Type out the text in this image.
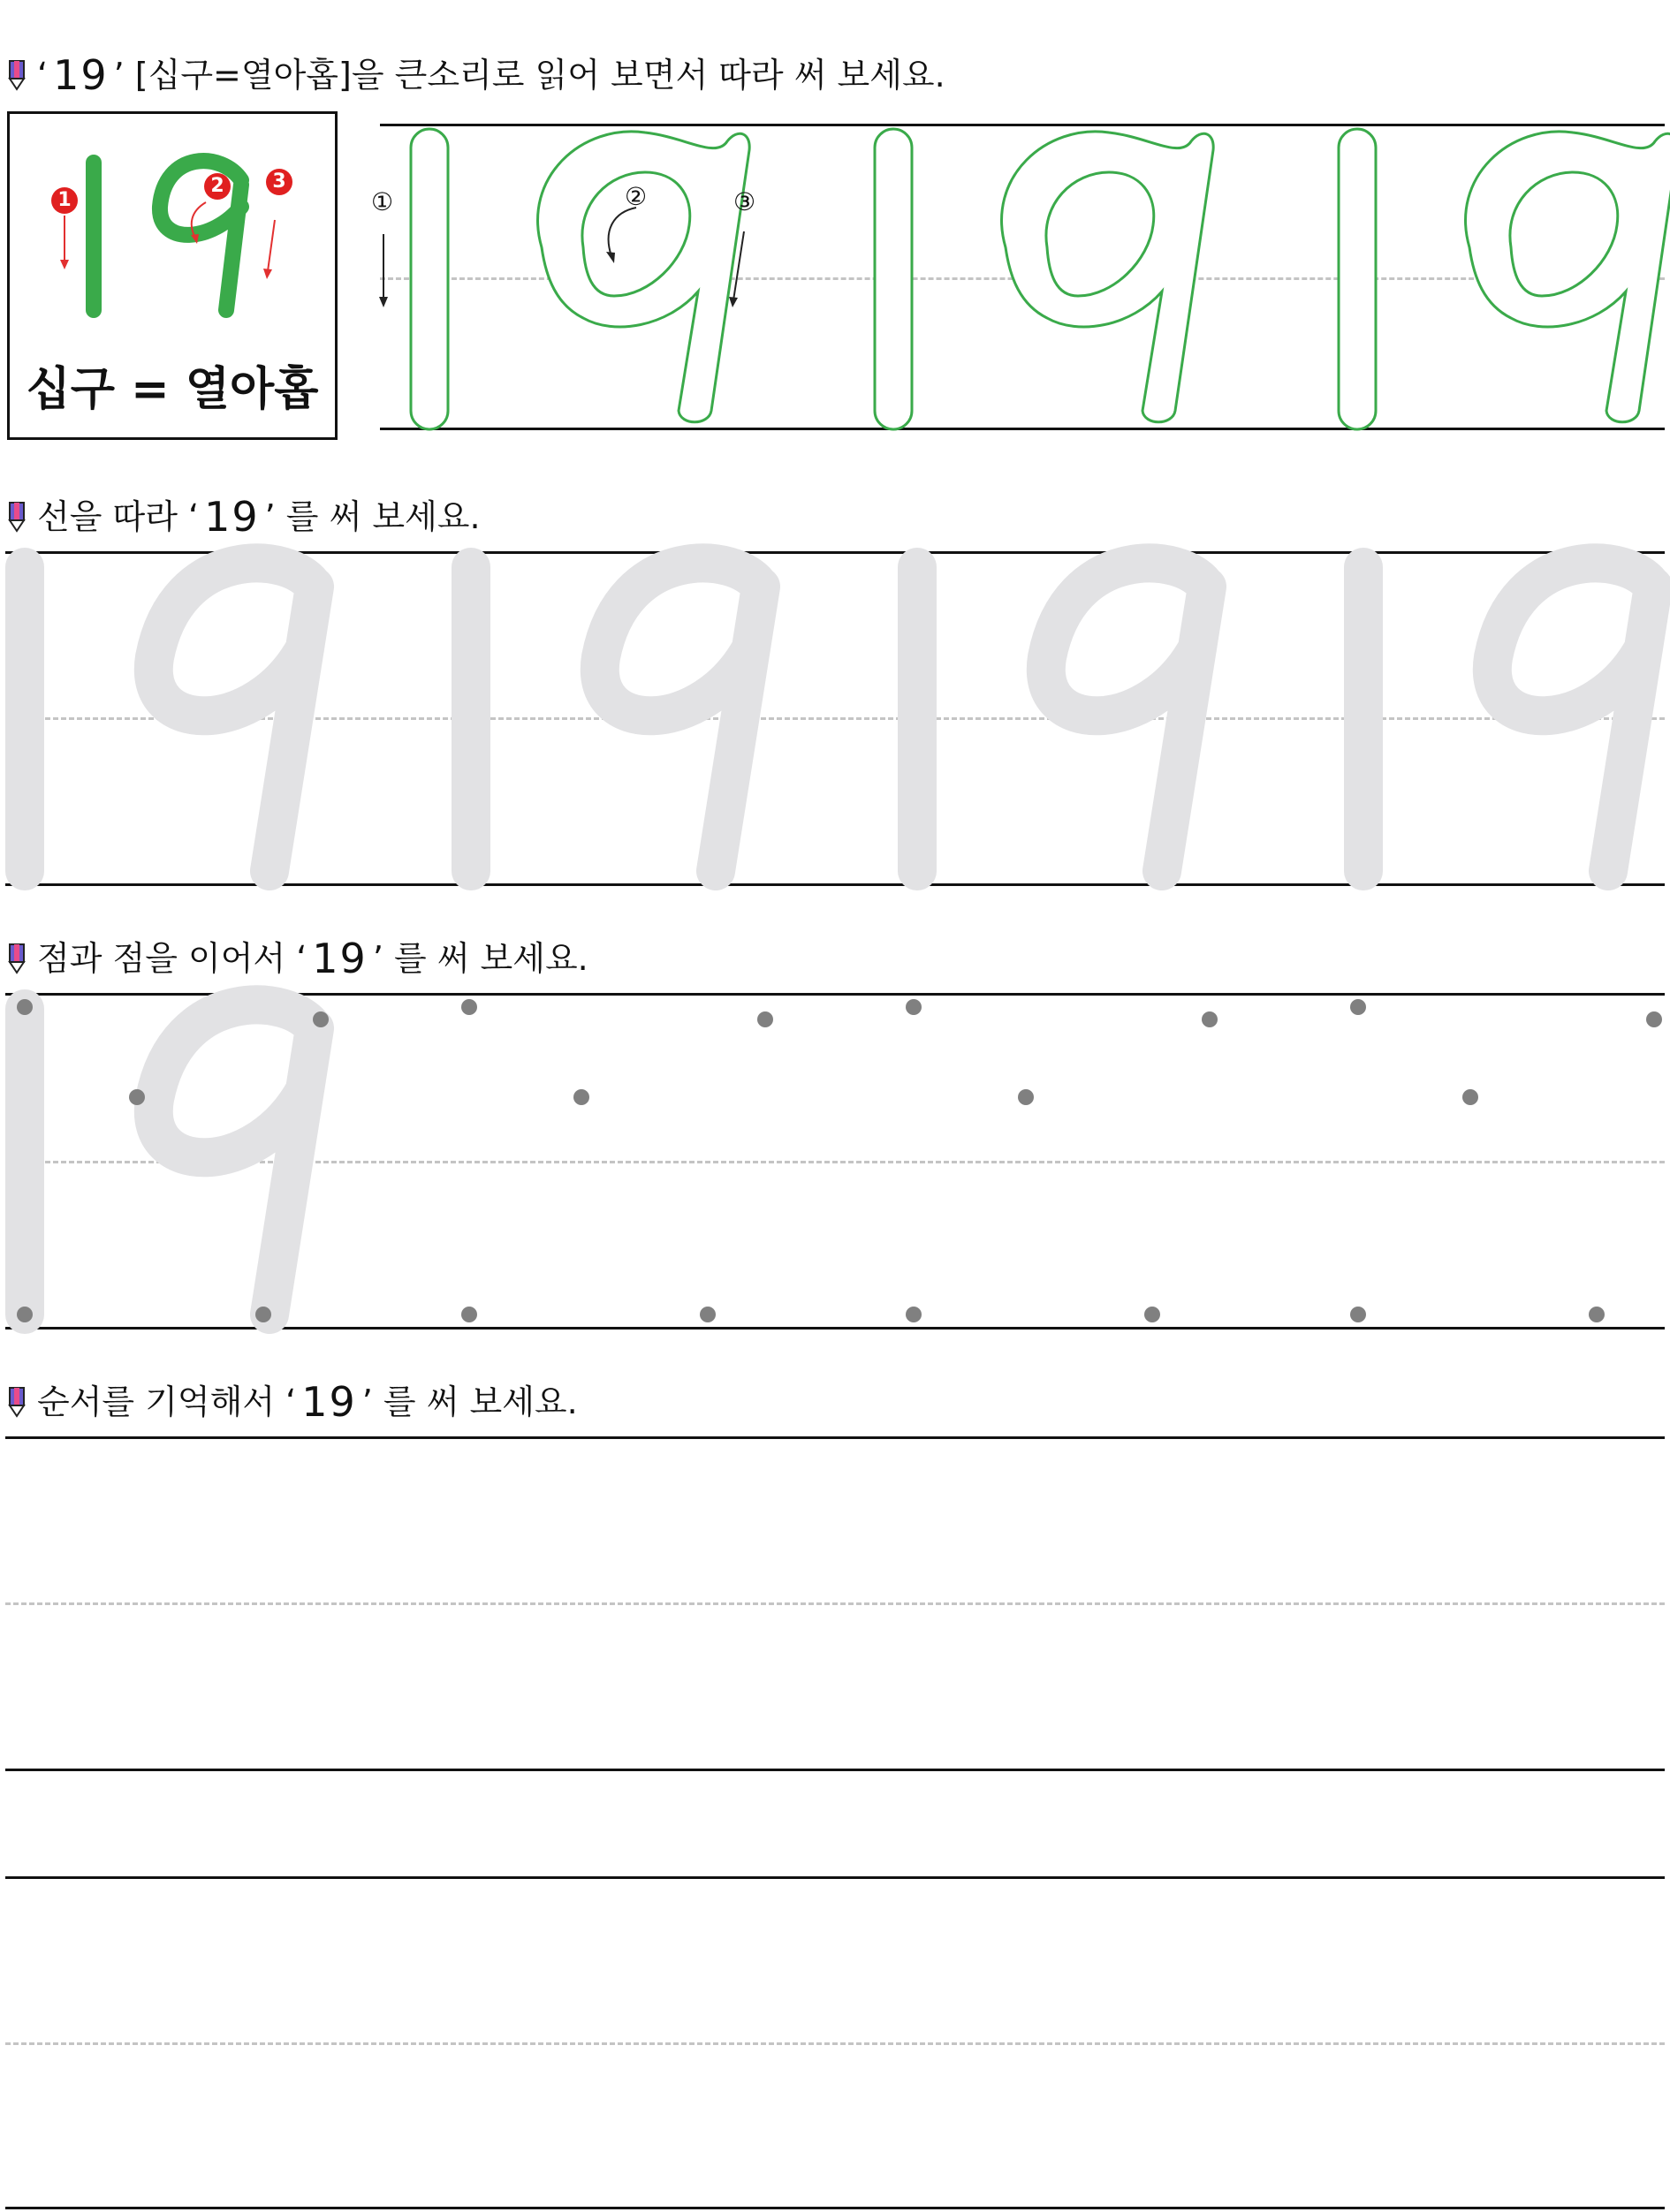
‘ 19 ’ [십구=열아홉]을 큰소리로 읽어 보면서 따라 써 보세요.
1
2 3
십구 = 열아홉
①	②	③
선을 따라 ‘ 19 ’ 를 써 보세요.
점과 점을 이어서 ‘ 19 ’ 를 써 보세요.
순서를 기억해서 ‘ 19 ’ 를 써 보세요.
